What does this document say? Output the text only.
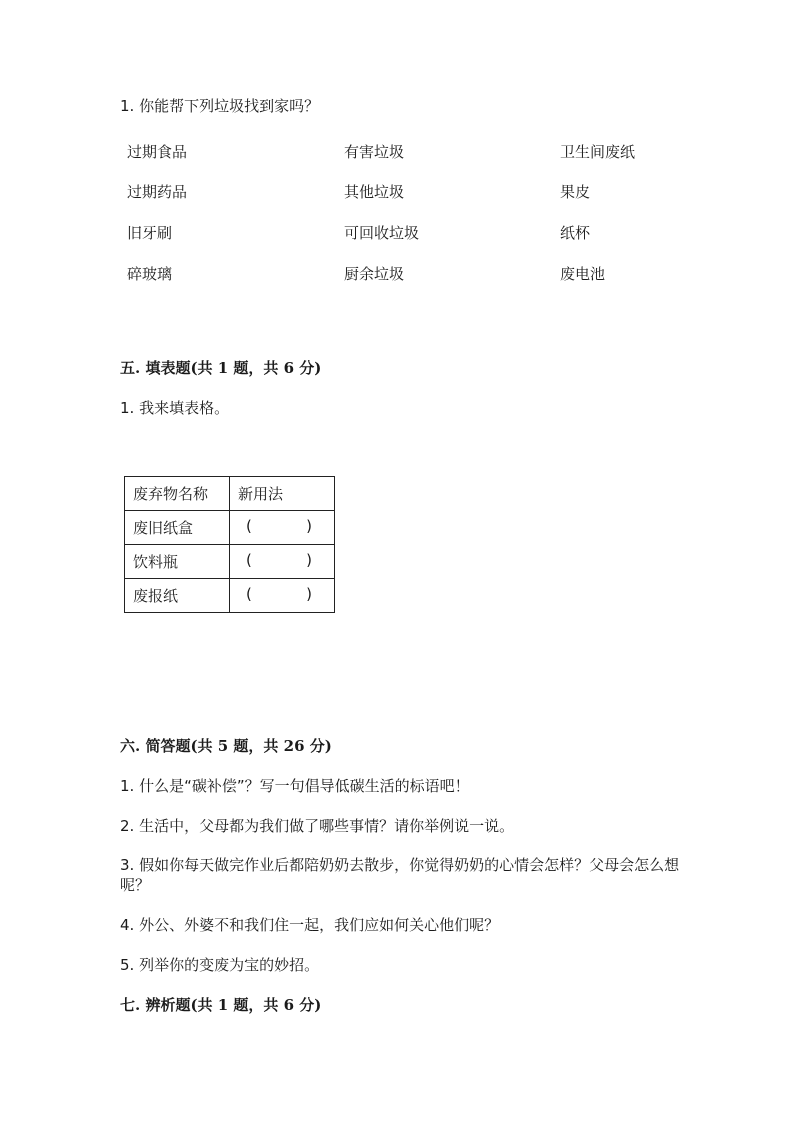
1. 你能帮下列垃圾找到家吗？
过期食品	有害垃圾	卫生间废纸
过期药品	其他垃圾	果皮
旧牙刷	可回收垃圾	纸杯
碎玻璃	厨余垃圾	废电池
五. 填表题(共 1 题，共 6 分)
1. 我来填表格。
废弃物名称	新用法
废旧纸盒	( )

饮料瓶	( )

废报纸	( )
六. 简答题(共 5 题，共 26 分)
1. 什么是“碳补偿”？写一句倡导低碳生活的标语吧！
2. 生活中，父母都为我们做了哪些事情？请你举例说一说。
3. 假如你每天做完作业后都陪奶奶去散步，你觉得奶奶的心情会怎样？父母会怎么想呢？
4. 外公、外婆不和我们住一起，我们应如何关心他们呢？
5. 列举你的变废为宝的妙招。
七. 辨析题(共 1 题，共 6 分)
